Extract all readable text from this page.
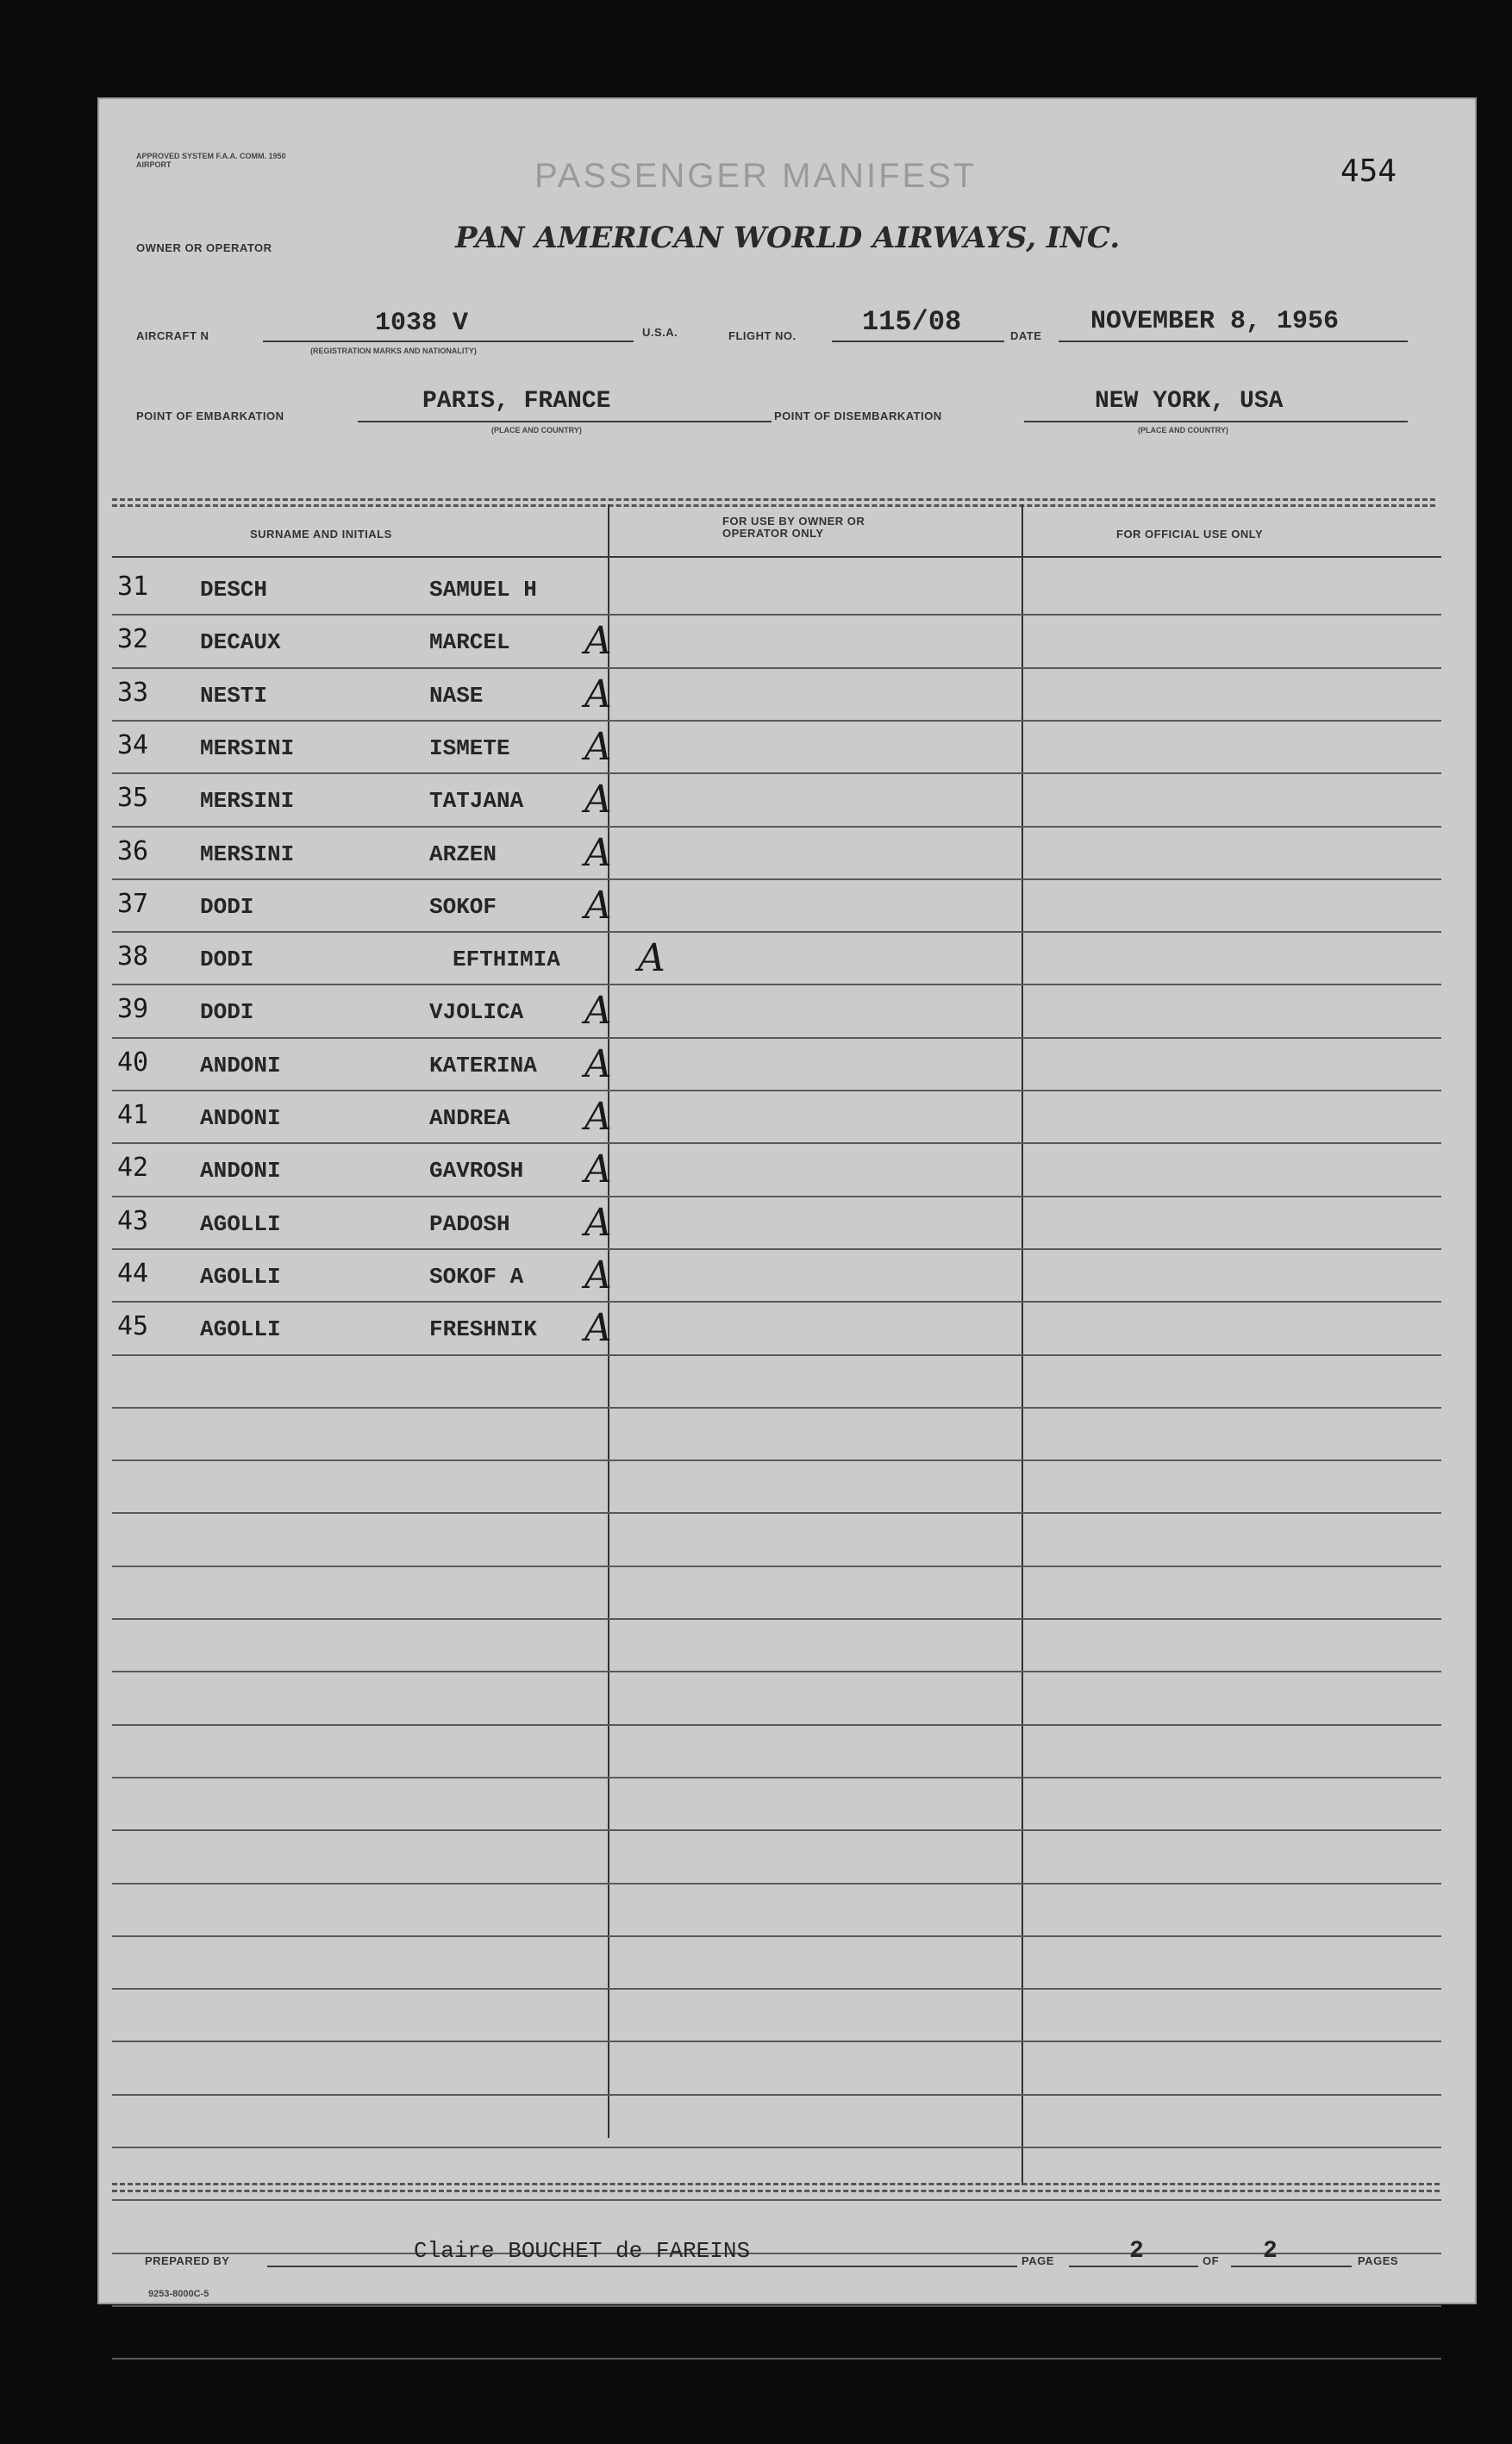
APPROVED SYSTEM F.A.A. COMM. 1950 AIRPORT	454
PASSENGER MANIFEST
OWNER OR OPERATOR	PAN AMERICAN WORLD AIRWAYS, INC.
AIRCRAFT N	1038 V
(REGISTRATION MARKS AND NATIONALITY)
U.S.A.	FLIGHT NO. 115/08	DATE NOVEMBER 8, 1956
POINT OF EMBARKATION
PARIS, FRANCE
(PLACE AND COUNTRY)
POINT OF DISEMBARKATION
NEW YORK, USA
(PLACE AND COUNTRY)
SURNAME AND INITIALS
FOR USE BY OWNER OR OPERATOR ONLY	FOR OFFICIAL USE ONLY
31 DESCH	SAMUEL H
32 DECAUX	MARCEL A
33 NESTI	NASE	A
34 MERSINI	ISMETE A
35 MERSINI	TATJANA A
36 MERSINI	ARZEN A
37 DODI	SOKOF A
38 DODI	EFTHIMIA A
39 DODI	VJOLICA A
40 ANDONI	KATERINA A
41 ANDONI	ANDREA A
42 ANDONI	GAVROSH A
43 AGOLLI	PADOSH A
44 AGOLLI	SOKOF A A
45 AGOLLI	FRESHNIK A
PREPARED BY	Claire BOUCHET de FAREINS	PAGE	2	OF 2	PAGES
9253-8000C-5
